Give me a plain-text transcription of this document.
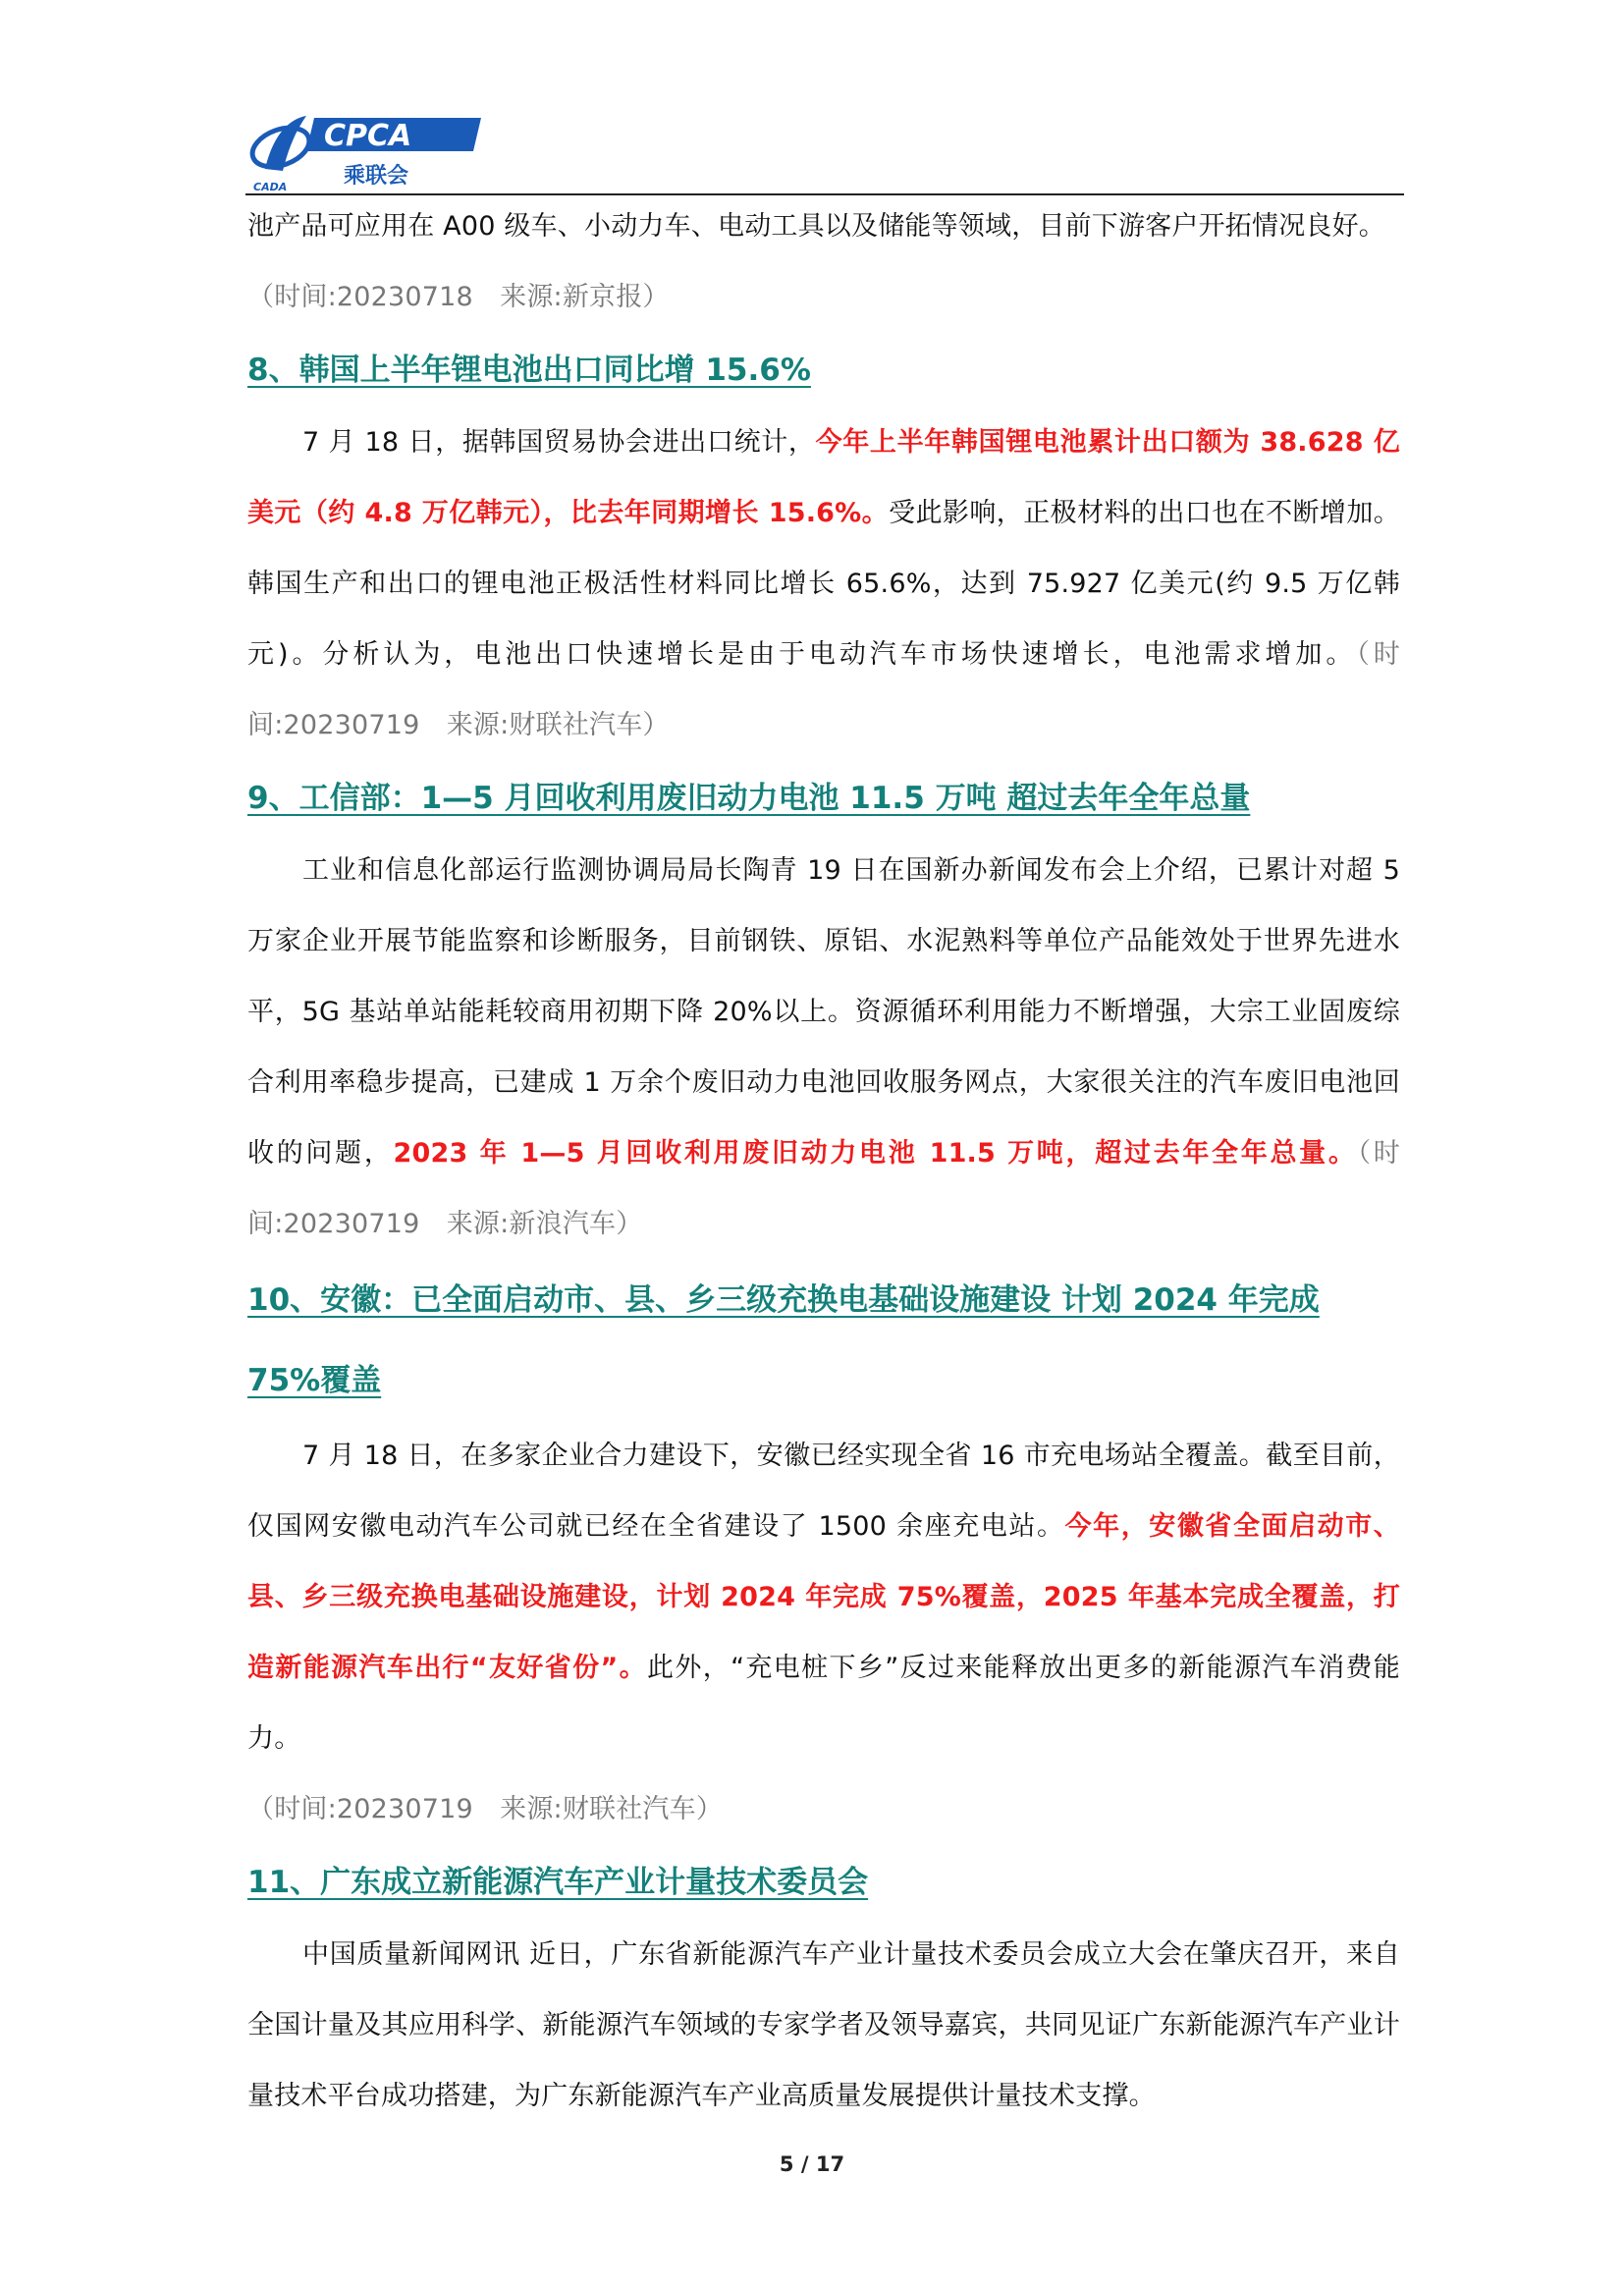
CADA
CPCA
乘联会

池产品可应用在 A00 级车、小动力车、电动工具以及储能等领域，目前下游客户开拓情况良好。

（时间:20230718　来源:新京报）

8、韩国上半年锂电池出口同比增 15.6%

7 月 18 日，据韩国贸易协会进出口统计，今年上半年韩国锂电池累计出口额为 38.628 亿美元（约 4.8 万亿韩元），比去年同期增长 15.6%。受此影响，正极材料的出口也在不断增加。韩国生产和出口的锂电池正极活性材料同比增长 65.6%，达到 75.927 亿美元(约 9.5 万亿韩元)。分析认为，电池出口快速增长是由于电动汽车市场快速增长，电池需求增加。（时间:20230719　来源:财联社汽车）

9、工信部：1—5 月回收利用废旧动力电池 11.5 万吨 超过去年全年总量

工业和信息化部运行监测协调局局长陶青 19 日在国新办新闻发布会上介绍，已累计对超 5 万家企业开展节能监察和诊断服务，目前钢铁、原铝、水泥熟料等单位产品能效处于世界先进水平，5G 基站单站能耗较商用初期下降 20%以上。资源循环利用能力不断增强，大宗工业固废综合利用率稳步提高，已建成 1 万余个废旧动力电池回收服务网点，大家很关注的汽车废旧电池回收的问题，2023 年 1—5 月回收利用废旧动力电池 11.5 万吨，超过去年全年总量。（时间:20230719　来源:新浪汽车）

10、安徽：已全面启动市、县、乡三级充换电基础设施建设 计划 2024 年完成 75%覆盖

7 月 18 日，在多家企业合力建设下，安徽已经实现全省 16 市充电场站全覆盖。截至目前，仅国网安徽电动汽车公司就已经在全省建设了 1500 余座充电站。今年，安徽省全面启动市、县、乡三级充换电基础设施建设，计划 2024 年完成 75%覆盖，2025 年基本完成全覆盖，打造新能源汽车出行“友好省份”。此外，“充电桩下乡”反过来能释放出更多的新能源汽车消费能力。

（时间:20230719　来源:财联社汽车）

11、广东成立新能源汽车产业计量技术委员会

中国质量新闻网讯 近日，广东省新能源汽车产业计量技术委员会成立大会在肇庆召开，来自全国计量及其应用科学、新能源汽车领域的专家学者及领导嘉宾，共同见证广东新能源汽车产业计量技术平台成功搭建，为广东新能源汽车产业高质量发展提供计量技术支撑。

5 / 17
